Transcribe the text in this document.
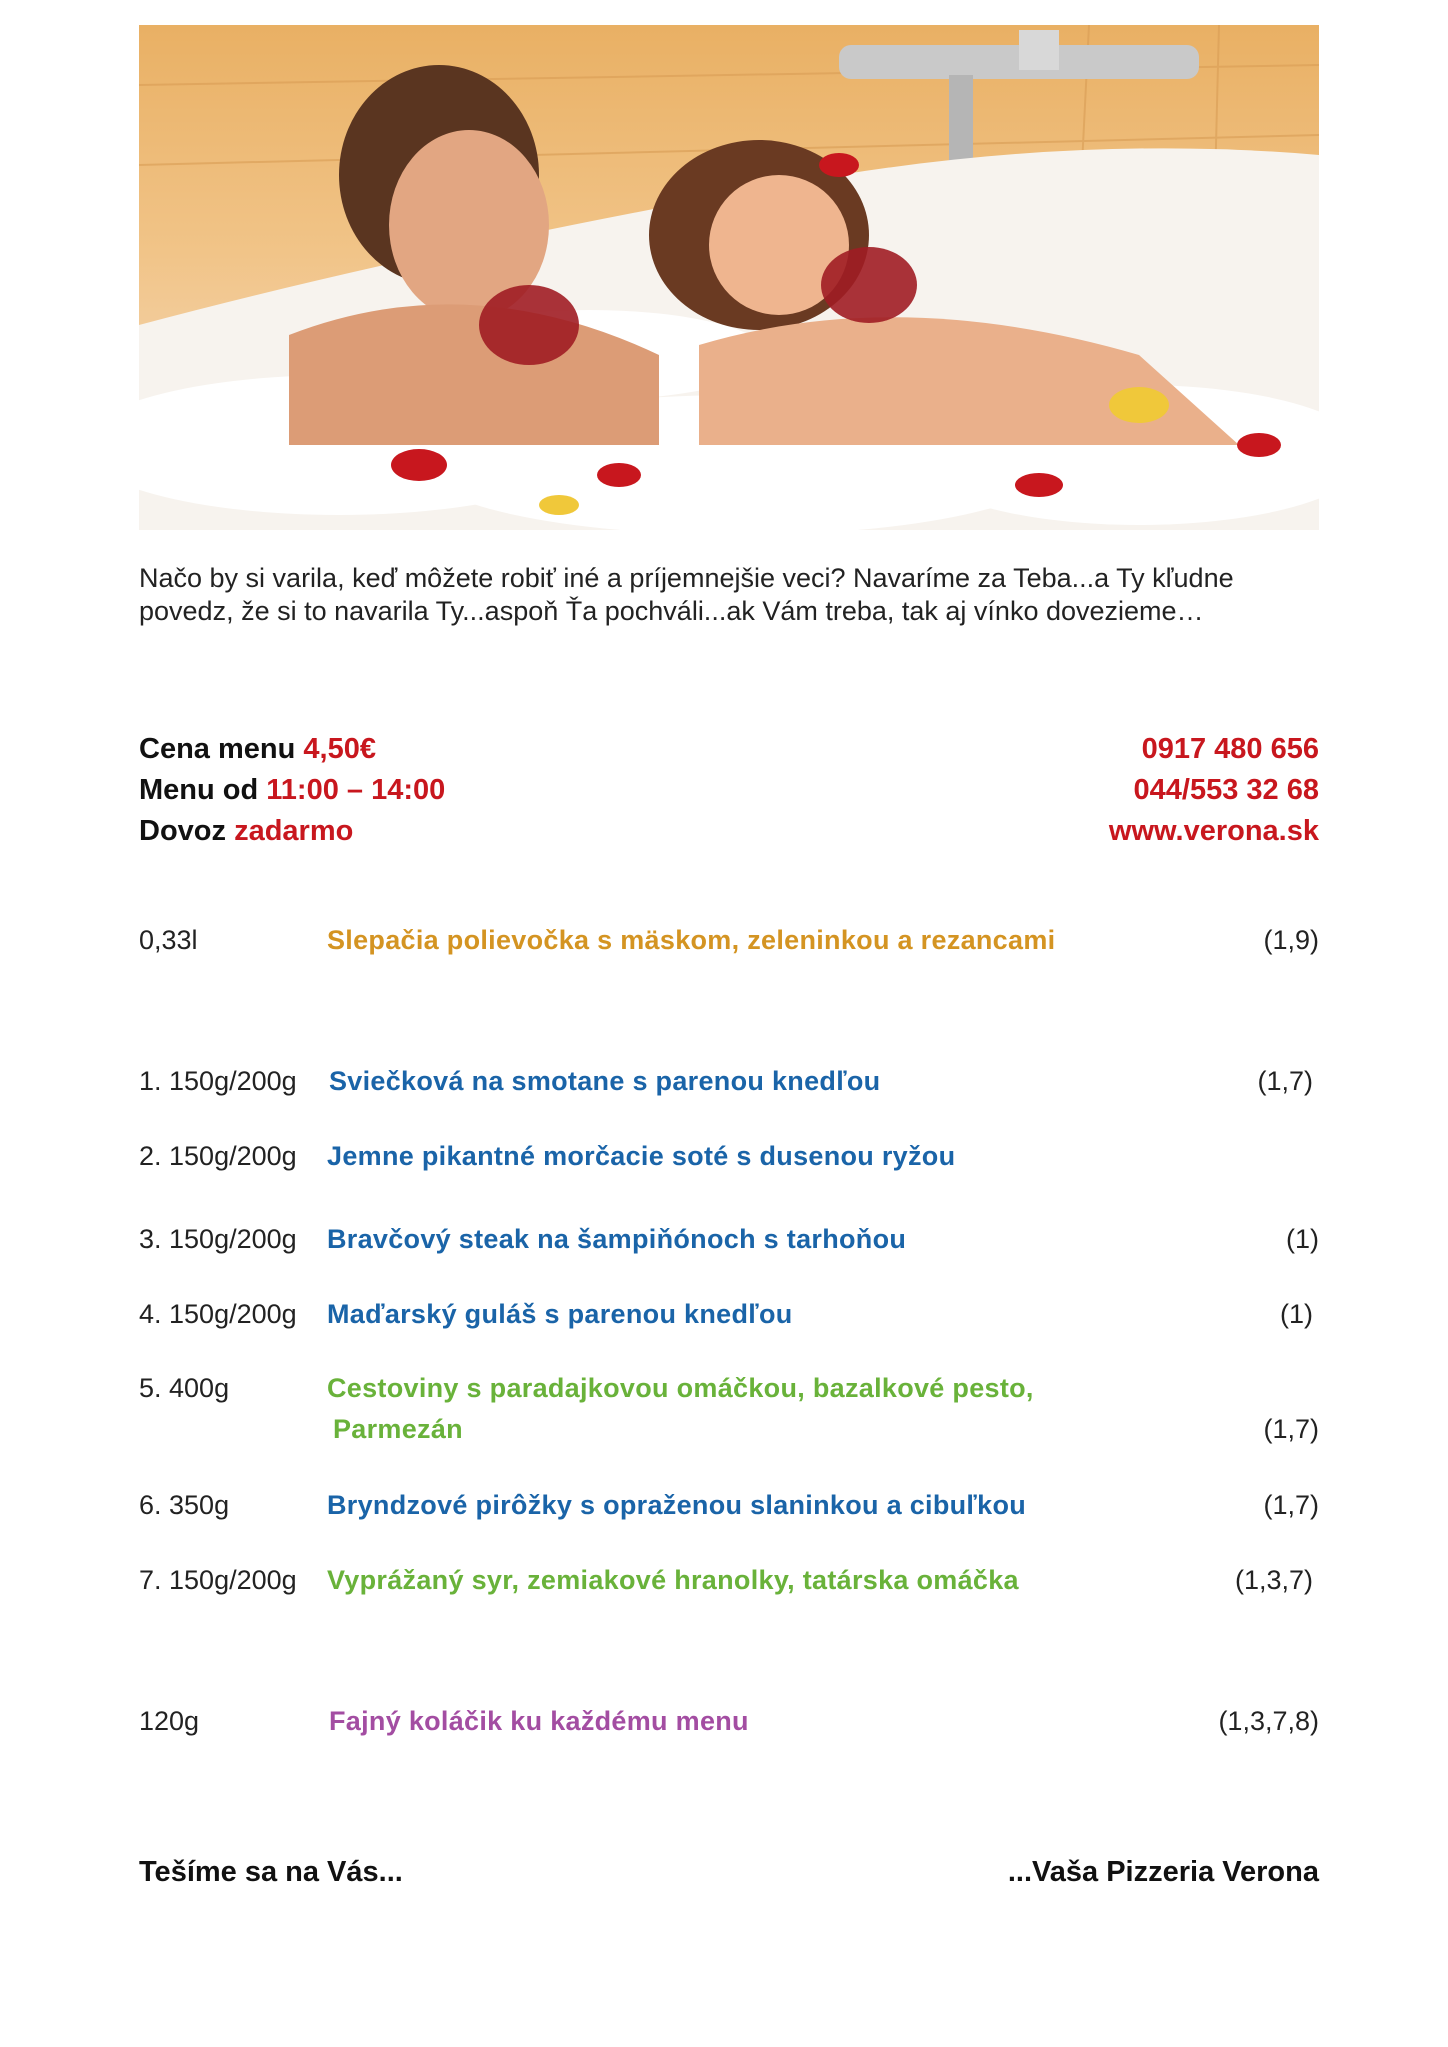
Načo by si varila, keď môžete robiť iné a príjemnejšie veci? Navaríme za Teba...a Ty kľudne povedz, že si to navarila Ty...aspoň Ťa pochváli...ak Vám treba, tak aj vínko dovezieme…
Cena menu 4,50€	0917 480 656
Menu od 11:00 – 14:00	044/553 32 68
Dovoz zadarmo	www.verona.sk
0,33l	Slepačia polievočka s mäskom, zeleninkou a rezancami	(1,9)
1. 150g/200g Sviečková na smotane s parenou knedľou	(1,7)
2. 150g/200g Jemne pikantné morčacie soté s dusenou ryžou
3. 150g/200g Bravčový steak na šampiňónoch s tarhoňou	(1)
4. 150g/200g Maďarský guláš s parenou knedľou	(1)
5. 400g	Cestoviny s paradajkovou omáčkou, bazalkové pesto,
Parmezán	(1,7)
6. 350g	Bryndzové pirôžky s opraženou slaninkou a cibuľkou	(1,7)
7. 150g/200g Vyprážaný syr, zemiakové hranolky, tatárska omáčka	(1,3,7)
120g	Fajný koláčik ku každému menu	(1,3,7,8)
Tešíme sa na Vás...	...Vaša Pizzeria Verona
